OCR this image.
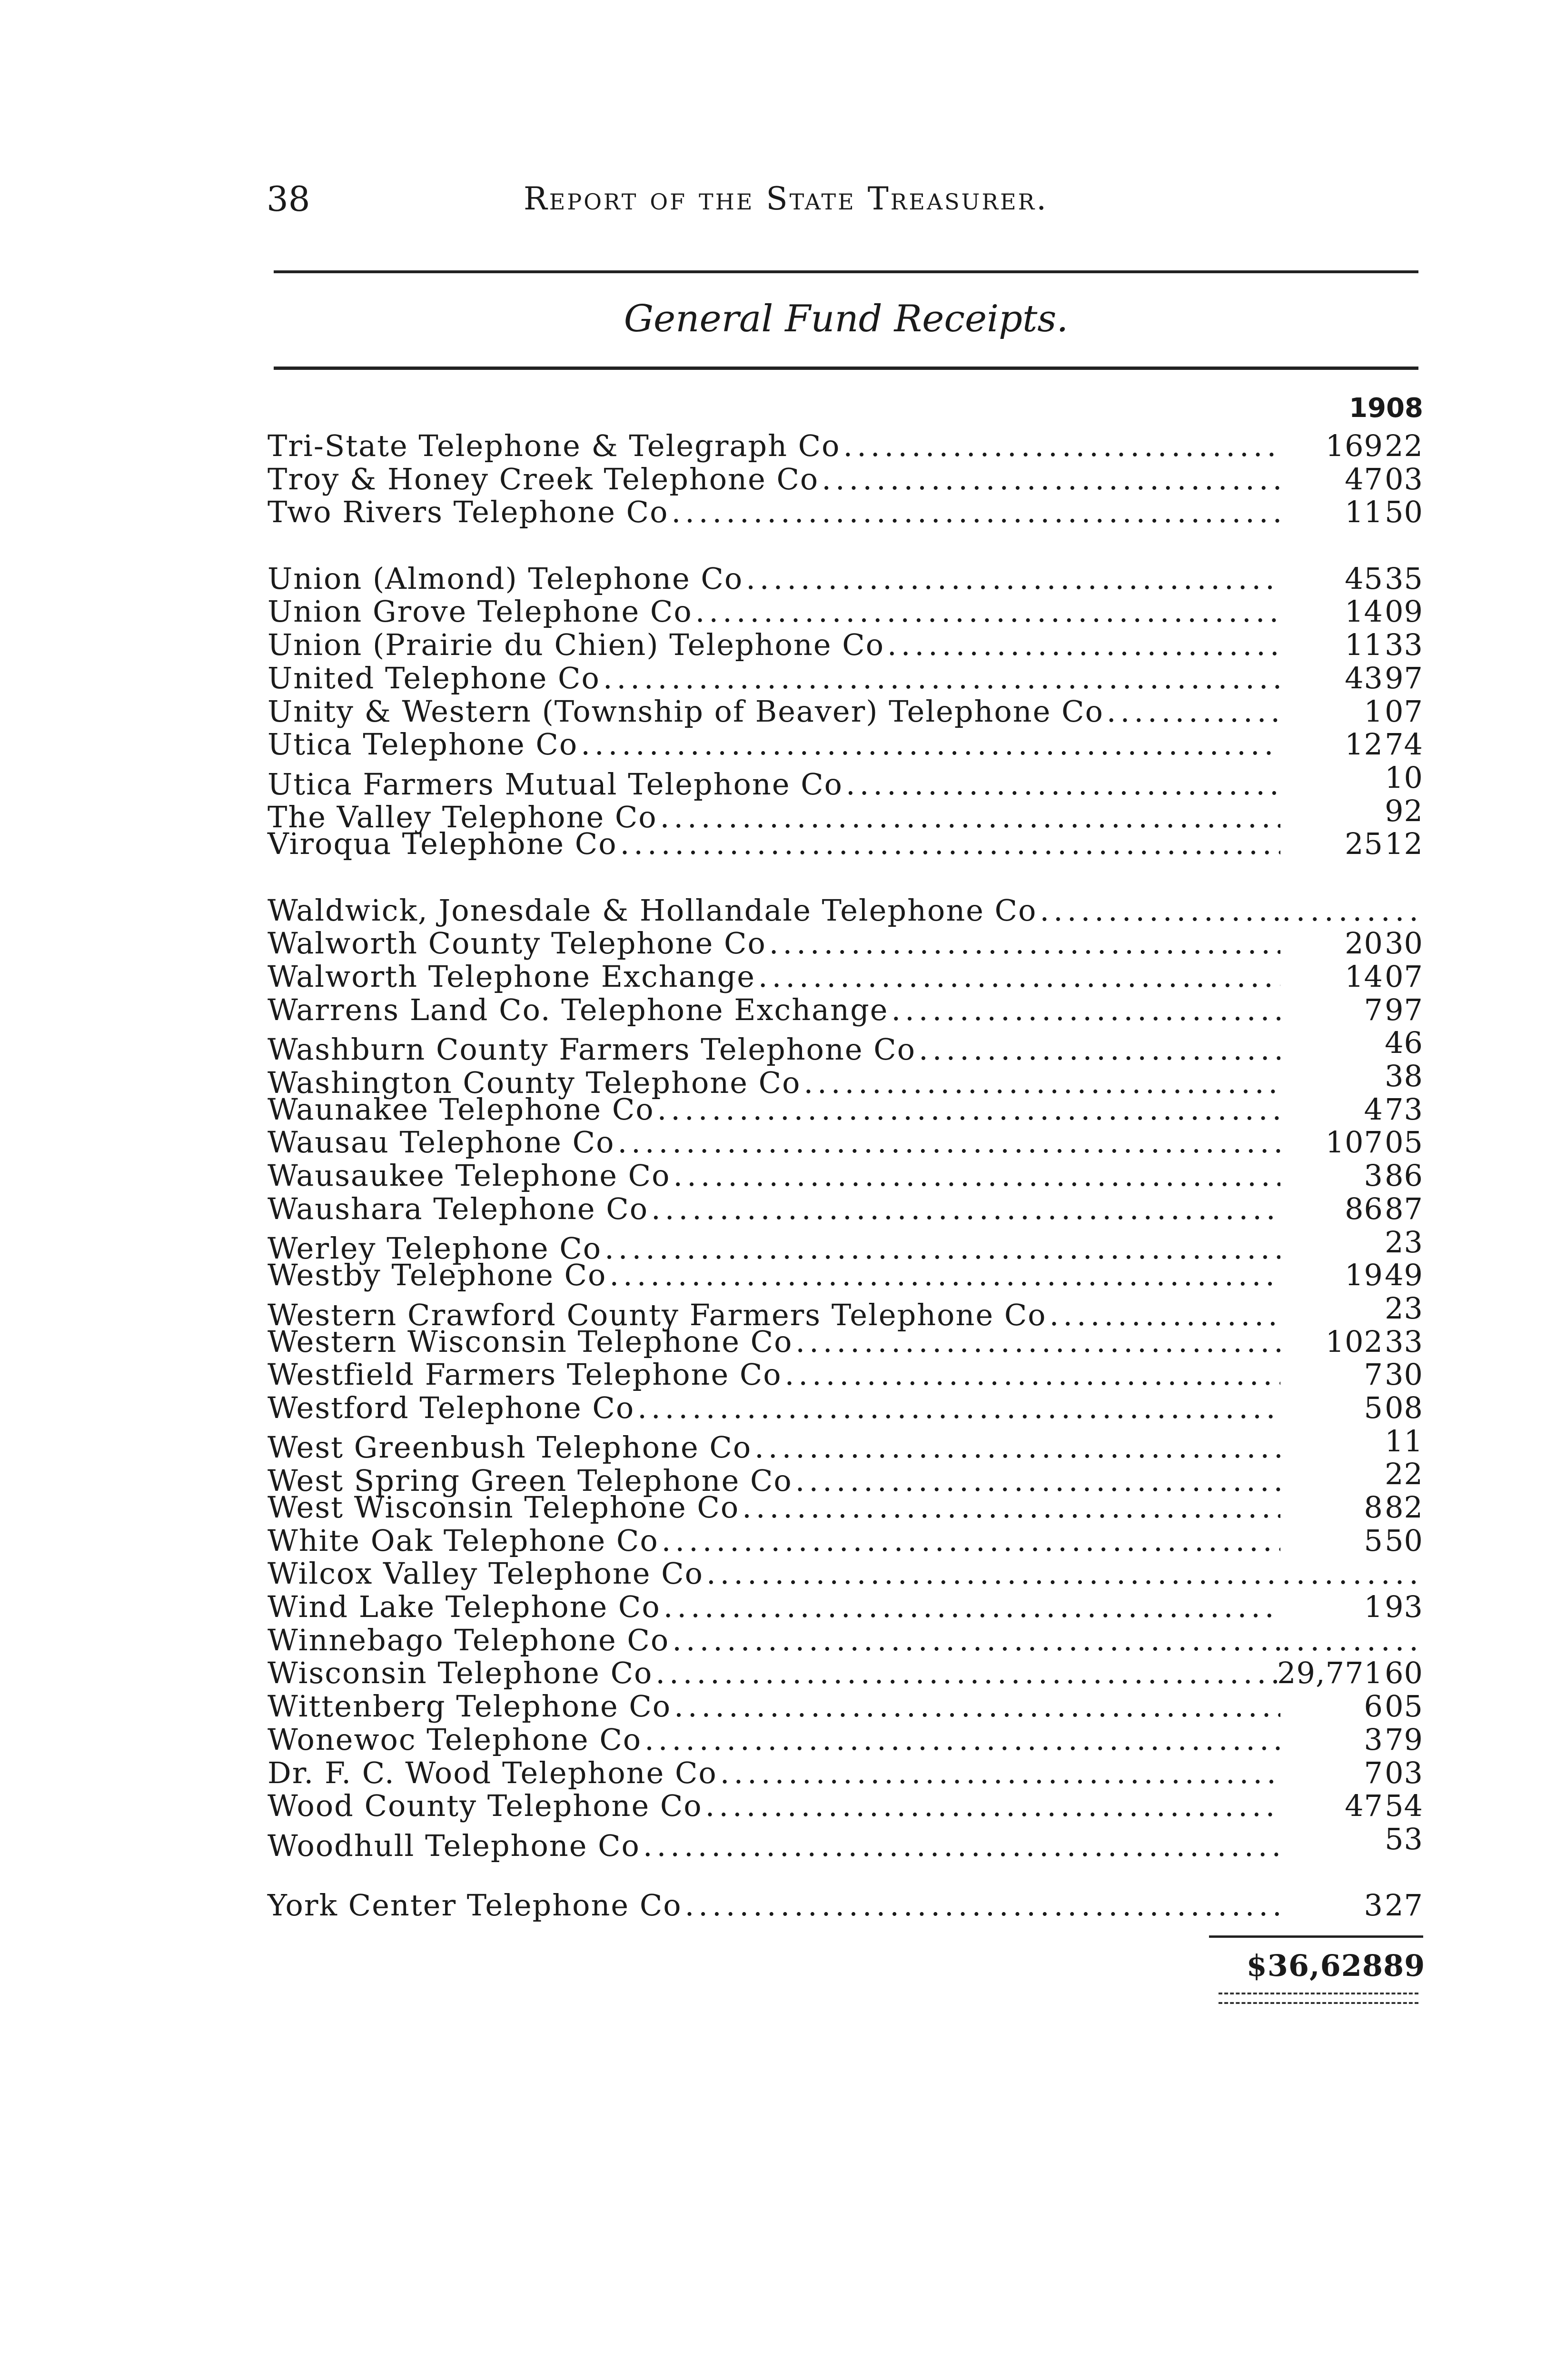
38	Report of the State Treasurer.
General Fund Receipts.
1908
Tri-State Telephone & Telegraph Co .....	169 22
Troy & Honey Creek Telephone Co .....	47 03
Two Rivers Telephone Co .....	11 50
Union (Almond) Telephone Co .....	45 35
Union Grove Telephone Co .....	14 09
Union (Prairie du Chien) Telephone Co .....	11 33
United Telephone Co .....	43 97
Unity & Western (Township of Beaver) Telephone Co .....	1 07
Utica Telephone Co .....	12 74
Utica Farmers Mutual Telephone Co .....	10
The Valley Telephone Co .....	92
Viroqua Telephone Co .....	25 12
Waldwick, Jonesdale & Hollandale Telephone Co .....	..........
Walworth County Telephone Co .....	20 30
Walworth Telephone Exchange .....	14 07
Warrens Land Co. Telephone Exchange .....	7 97
Washburn County Farmers Telephone Co .....	46
Washington County Telephone Co .....	38
Waunakee Telephone Co .....	4 73
Wausau Telephone Co .....	107 05
Wausaukee Telephone Co .....	3 86
Waushara Telephone Co .....	86 87
Werley Telephone Co .....	23
Westby Telephone Co .....	19 49
Western Crawford County Farmers Telephone Co .....	23
Western Wisconsin Telephone Co .....	102 33
Westfield Farmers Telephone Co .....	7 30
Westford Telephone Co .....	5 08
West Greenbush Telephone Co .....	11
West Spring Green Telephone Co .....	22
West Wisconsin Telephone Co .....	8 82
White Oak Telephone Co .....	5 50
Wilcox Valley Telephone Co .....	..........
Wind Lake Telephone Co .....	1 93
Winnebago Telephone Co .....	..........
Wisconsin Telephone Co .....	29,771 60
Wittenberg Telephone Co .....	6 05
Wonewoc Telephone Co .....	3 79
Dr. F. C. Wood Telephone Co .....	7 03
Wood County Telephone Co .....	47 54
Woodhull Telephone Co .....	53
York Center Telephone Co .....	3 27
$36,628 89
